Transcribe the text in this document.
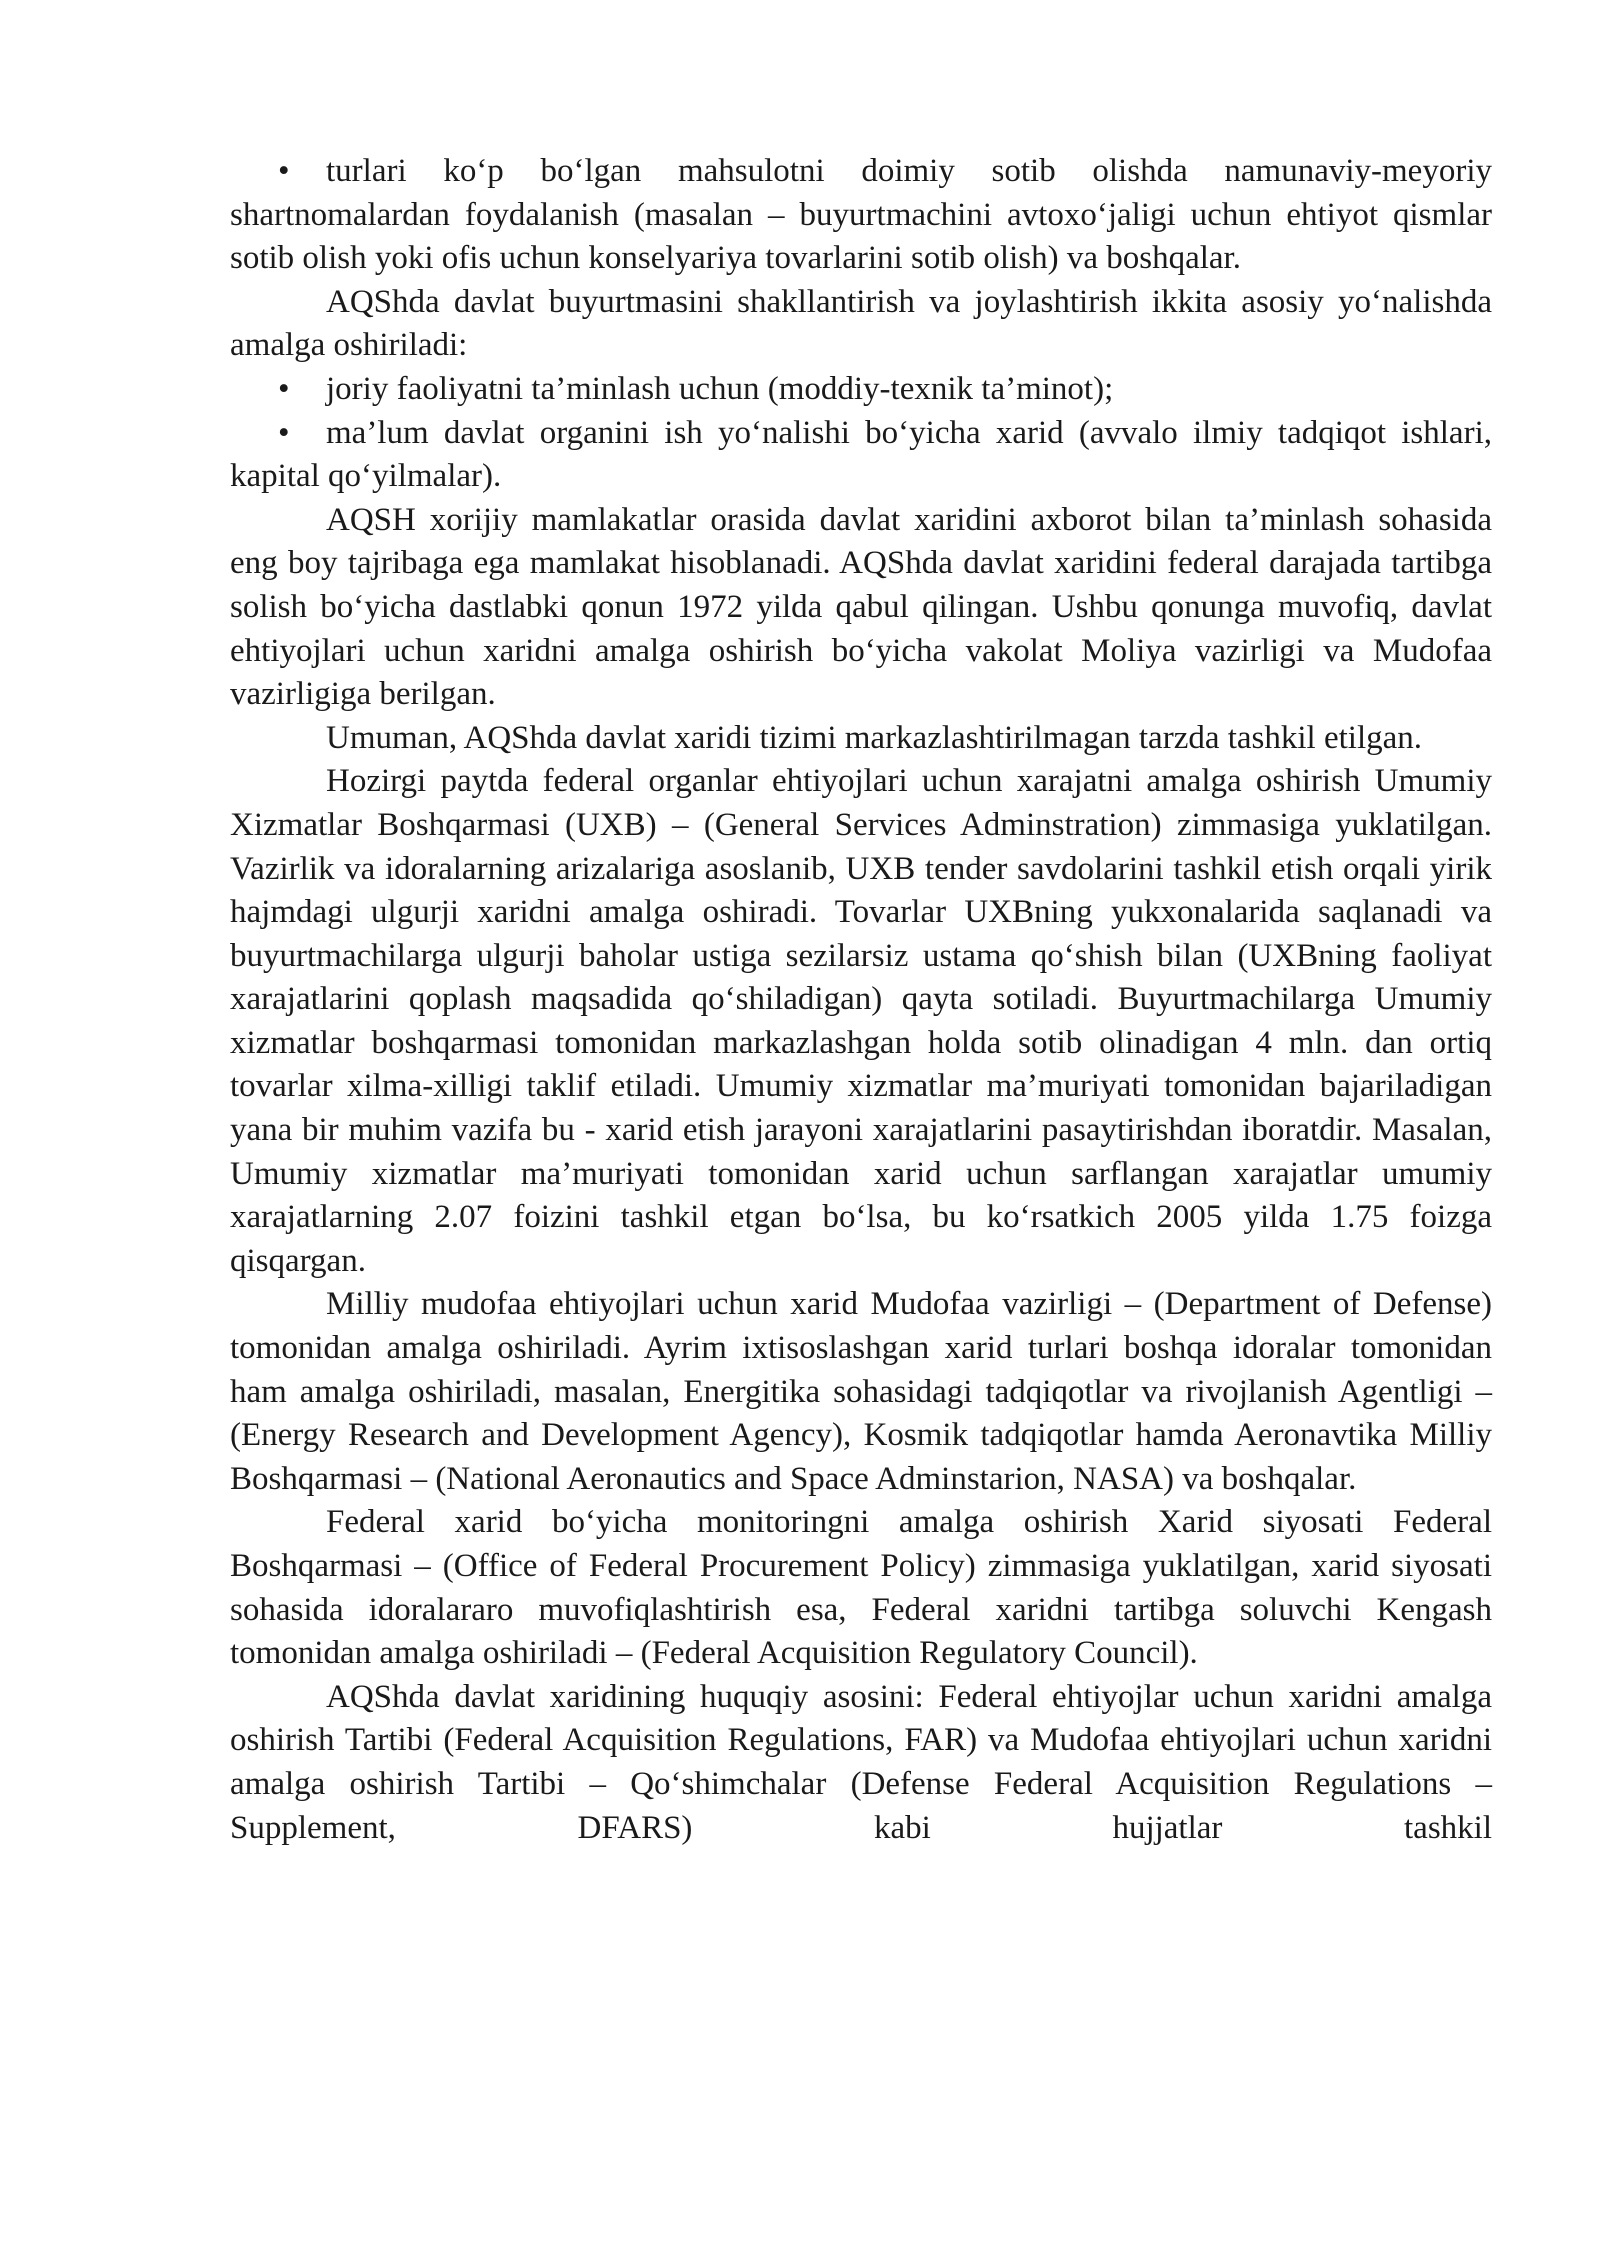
• turlari ko‘p bo‘lgan mahsulotni doimiy sotib olishda namunaviy-meyoriy shartnomalardan foydalanish (masalan – buyurtmachini avtoxo‘jaligi uchun ehtiyot qismlar sotib olish yoki ofis uchun konselyariya tovarlarini sotib olish) va boshqalar.

AQShda davlat buyurtmasini shakllantirish va joylashtirish ikkita asosiy yo‘nalishda amalga oshiriladi:

• joriy faoliyatni ta’minlash uchun (moddiy-texnik ta’minot);

• ma’lum davlat organini ish yo‘nalishi bo‘yicha xarid (avvalo ilmiy tadqiqot ishlari, kapital qo‘yilmalar).

AQSH xorijiy mamlakatlar orasida davlat xaridini axborot bilan ta’minlash sohasida eng boy tajribaga ega mamlakat hisoblanadi. AQShda davlat xaridini federal darajada tartibga solish bo‘yicha dastlabki qonun 1972 yilda qabul qilingan. Ushbu qonunga muvofiq, davlat ehtiyojlari uchun xaridni amalga oshirish bo‘yicha vakolat Moliya vazirligi va Mudofaa vazirligiga berilgan.

Umuman, AQShda davlat xaridi tizimi markazlashtirilmagan tarzda tashkil etilgan.

Hozirgi paytda federal organlar ehtiyojlari uchun xarajatni amalga oshirish Umumiy Xizmatlar Boshqarmasi (UXB) – (General Services Adminstration) zimmasiga yuklatilgan. Vazirlik va idoralarning arizalariga asoslanib, UXB tender savdolarini tashkil etish orqali yirik hajmdagi ulgurji xaridni amalga oshiradi. Tovarlar UXBning yukxonalarida saqlanadi va buyurtmachilarga ulgurji baholar ustiga sezilarsiz ustama qo‘shish bilan (UXBning faoliyat xarajatlarini qoplash maqsadida qo‘shiladigan) qayta sotiladi. Buyurtmachilarga Umumiy xizmatlar boshqarmasi tomonidan markazlashgan holda sotib olinadigan 4 mln. dan ortiq tovarlar xilma-xilligi taklif etiladi. Umumiy xizmatlar ma’muriyati tomonidan bajariladigan yana bir muhim vazifa bu - xarid etish jarayoni xarajatlarini pasaytirishdan iboratdir. Masalan, Umumiy xizmatlar ma’muriyati tomonidan xarid uchun sarflangan xarajatlar umumiy xarajatlarning 2.07 foizini tashkil etgan bo‘lsa, bu ko‘rsatkich 2005 yilda 1.75 foizga qisqargan.

Milliy mudofaa ehtiyojlari uchun xarid Mudofaa vazirligi – (Department of Defense) tomonidan amalga oshiriladi. Ayrim ixtisoslashgan xarid turlari boshqa idoralar tomonidan ham amalga oshiriladi, masalan, Energitika sohasidagi tadqiqotlar va rivojlanish Agentligi – (Energy Research and Development Agency), Kosmik tadqiqotlar hamda Aeronavtika Milliy Boshqarmasi – (National Aeronautics and Space Adminstarion, NASA) va boshqalar.

Federal xarid bo‘yicha monitoringni amalga oshirish Xarid siyosati Federal Boshqarmasi – (Office of Federal Procurement Policy) zimmasiga yuklatilgan, xarid siyosati sohasida idoralararo muvofiqlashtirish esa, Federal xaridni tartibga soluvchi Kengash tomonidan amalga oshiriladi – (Federal Acquisition Regulatory Council).

AQShda davlat xaridining huquqiy asosini: Federal ehtiyojlar uchun xaridni amalga oshirish Tartibi (Federal Acquisition Regulations, FAR) va Mudofaa ehtiyojlari uchun xaridni amalga oshirish Tartibi – Qo‘shimchalar (Defense Federal Acquisition Regulations – Supplement, DFARS) kabi hujjatlar tashkil
